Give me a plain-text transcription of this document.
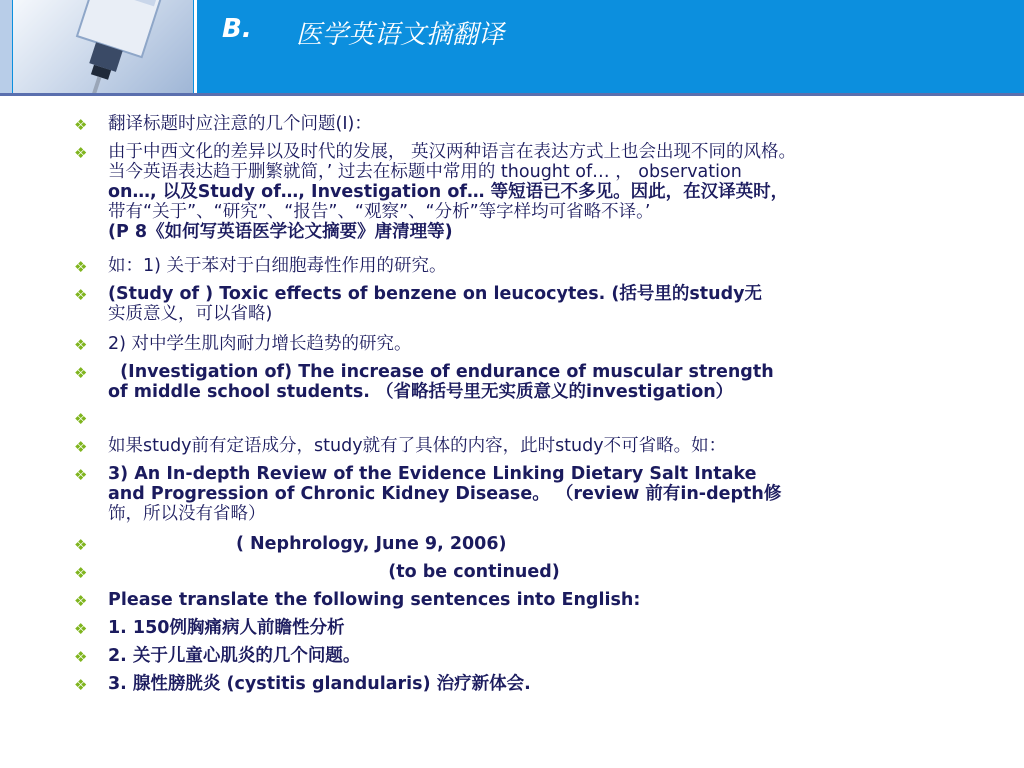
B. 医学英语文摘翻译
❖ 翻译标题时应注意的几个问题(I)：
❖ 由于中西文化的差异以及时代的发展， 英汉两种语言在表达方式上也会出现不同的风格。
当今英语表达趋于删繁就简，’ 过去在标题中常用的 thought of… ， observation
on…, 以及Study of…, Investigation of… 等短语已不多见。因此，在汉译英时，
带有“关于”、“研究”、“报告”、“观察”、“分析”等字样均可省略不译。’
(P 8《如何写英语医学论文摘要》唐清理等)
❖ 如：1) 关于苯对于白细胞毒性作用的研究。
❖ (Study of ) Toxic effects of benzene on leucocytes. (括号里的study无
实质意义，可以省略)
❖ 2) 对中学生肌肉耐力增长趋势的研究。
❖ (Investigation of) The increase of endurance of muscular strength
of middle school students. （省略括号里无实质意义的investigation）
❖
❖ 如果study前有定语成分，study就有了具体的内容，此时study不可省略。如：
❖ 3) An In-depth Review of the Evidence Linking Dietary Salt Intake
and Progression of Chronic Kidney Disease。 （review 前有in-depth修
饰，所以没有省略）
❖ ( Nephrology, June 9, 2006)
❖ (to be continued)
❖ Please translate the following sentences into English:
❖ 1. 150例胸痛病人前瞻性分析
❖ 2. 关于儿童心肌炎的几个问题。
❖ 3. 腺性膀胱炎 (cystitis glandularis) 治疗新体会.
